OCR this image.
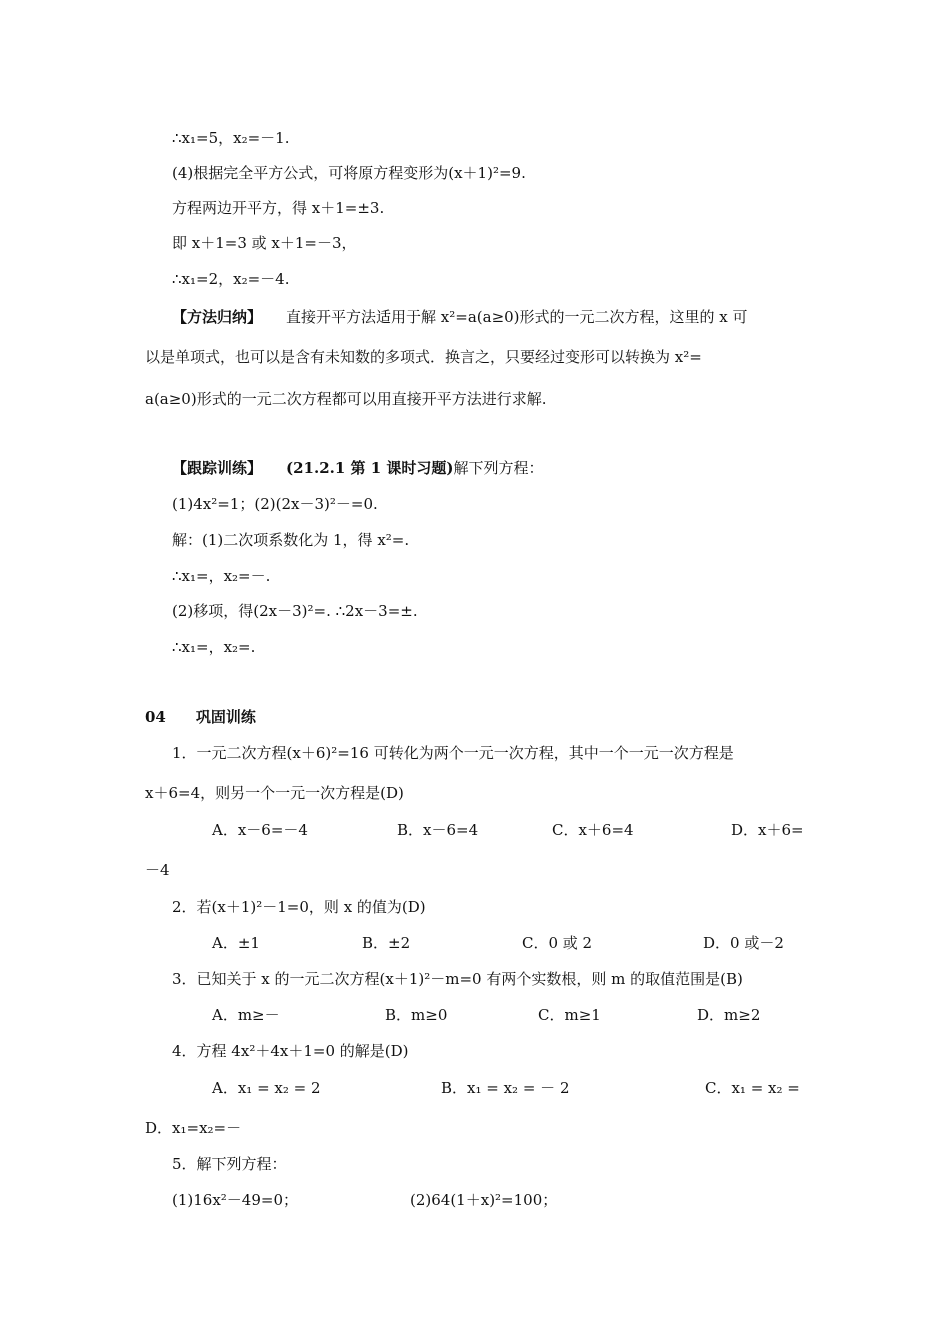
∴x₁=5，x₂=－1.
(4)根据完全平方公式，可将原方程变形为(x＋1)²=9.
方程两边开平方，得 x＋1=±3.
即 x＋1=3 或 x＋1=－3，
∴x₁=2，x₂=－4.
【方法归纳】 直接开平方法适用于解 x²=a(a≥0)形式的一元二次方程，这里的 x 可
以是单项式，也可以是含有未知数的多项式．换言之，只要经过变形可以转换为 x²=
a(a≥0)形式的一元二次方程都可以用直接开平方法进行求解.
【跟踪训练】 (21.2.1 第 1 课时习题)解下列方程：
(1)4x²=1；(2)(2x－3)²－=0.
解：(1)二次项系数化为 1，得 x²=.
∴x₁=，x₂=－.
(2)移项，得(2x－3)²=. ∴2x－3=±.
∴x₁=，x₂=.
04 巩固训练
1．一元二次方程(x＋6)²=16 可转化为两个一元一次方程，其中一个一元一次方程是
x＋6=4，则另一个一元一次方程是(D)
A．x－6=－4	B．x－6=4	C．x＋6=4	D．x＋6=
－4
2．若(x＋1)²－1=0，则 x 的值为(D)
A．±1	B．±2	C．0 或 2	D．0 或－2
3．已知关于 x 的一元二次方程(x＋1)²－m=0 有两个实数根，则 m 的取值范围是(B)
A．m≥－	B．m≥0	C．m≥1	D．m≥2
4．方程 4x²＋4x＋1=0 的解是(D)
A．x₁ = x₂ = 2	B．x₁ = x₂ = － 2	C．x₁ = x₂ =
D．x₁=x₂=－
5．解下列方程：
(1)16x²－49=0；	(2)64(1＋x)²=100；
